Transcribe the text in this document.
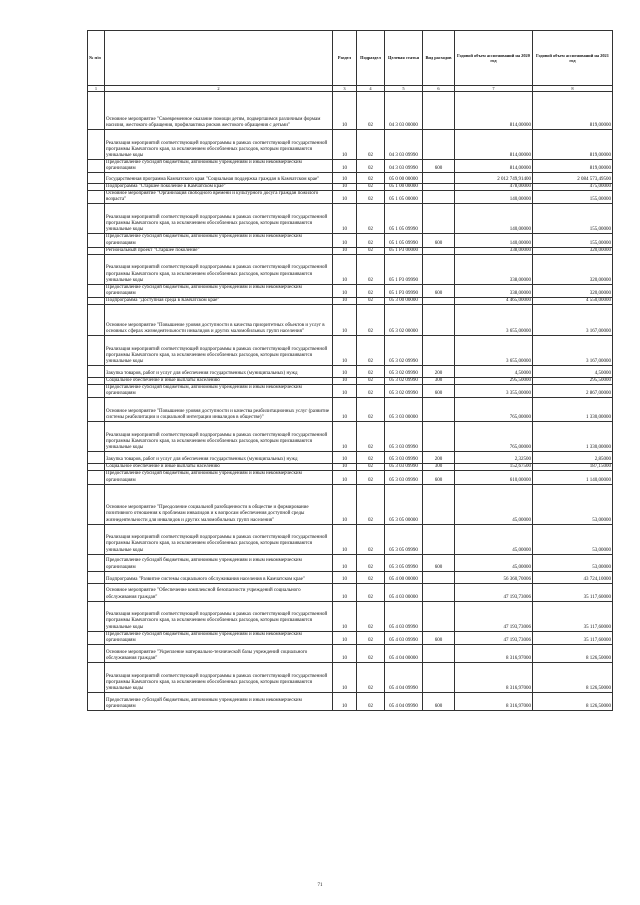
№ п/п		Раздел	Подраздел	Целевая статья	Вид расходов	Годовой объем ассигнований на 2020 год	Годовой объем ассигнований на 2021 год
1	2	3	4	5	6	7	8
	Основное мероприятие "Своевременное оказание помощи детям, подвергшимся различным формам насилия, жестокого обращения, профилактика рисков жестокого обращения с детьми"	10	02	04 3 03 00000		814,00000	819,00000
	Реализация мероприятий соответствующей подпрограммы в рамках соответствующей государственной программы Камчатского края, за исключением обособленных расходов, которым присваиваются уникальные коды	10	02	04 3 03 09990		814,00000	819,00000
	Предоставление субсидий бюджетным, автономным учреждениям и иным некоммерческим организациям	10	02	04 3 03 09990	600	814,00000	819,00000
	Государственная программа Камчатского края "Социальная поддержка граждан в Камчатском крае"	10	02	05 0 00 00000		2 012 749,91400	2 084 573,49500
	Подпрограмма "Старшее поколение в Камчатском крае"	10	02	05 1 00 00000		478,00000	475,00000
	Основное мероприятие "Организация свободного времени и культурного досуга граждан пожилого возраста"	10	02	05 1 05 00000		140,00000	155,00000
	Реализация мероприятий соответствующей подпрограммы в рамках соответствующей государственной программы Камчатского края, за исключением обособленных расходов, которым присваиваются уникальные коды	10	02	05 1 05 09990		140,00000	155,00000
	Предоставление субсидий бюджетным, автономным учреждениям и иным некоммерческим организациям	10	02	05 1 05 09990	600	140,00000	155,00000
	Региональный проект "Старшее поколение"	10	02	05 1 P3 00000		338,00000	320,00000
	Реализация мероприятий соответствующей подпрограммы в рамках соответствующей государственной программы Камчатского края, за исключением обособленных расходов, которым присваиваются уникальные коды	10	02	05 1 P3 09990		338,00000	320,00000
	Предоставление субсидий бюджетным, автономным учреждениям и иным некоммерческим организациям	10	02	05 1 P3 09990	600	338,00000	320,00000
	Подпрограмма "Доступная среда в Камчатском крае"	10	02	05 3 00 00000		4 465,00000	4 550,00000
	Основное мероприятие "Повышение уровня доступности в качества приоритетных объектов и услуг в основных сферах жизнедеятельности инвалидов и других маломобильных групп населения"	10	02	05 3 02 00000		3 655,00000	3 167,00000
	Реализация мероприятий соответствующей подпрограммы в рамках соответствующей государственной программы Камчатского края, за исключением обособленных расходов, которым присваиваются уникальные коды	10	02	05 3 02 09990		3 655,00000	3 167,00000
	Закупка товаров, работ и услуг для обеспечения государственных (муниципальных) нужд	10	02	05 3 02 09990	200	4,50000	4,50000
	Социальное обеспечение и иные выплаты населению	10	02	05 3 02 09990	300	295,50000	295,50000
	Предоставление субсидий бюджетным, автономным учреждениям и иным некоммерческим организациям	10	02	05 3 02 09990	600	3 355,00000	2 867,00000
	Основное мероприятие "Повышение уровня доступности и качества реабилитационных услуг (развитие системы реабилитации и социальной интеграции инвалидов в обществе)"	10	02	05 3 03 00000		765,00000	1 330,00000
	Реализация мероприятий соответствующей подпрограммы в рамках соответствующей государственной программы Камчатского края, за исключением обособленных расходов, которым присваиваются уникальные коды	10	02	05 3 03 09990		765,00000	1 330,00000
	Закупка товаров, работ и услуг для обеспечения государственных (муниципальных) нужд	10	02	05 3 03 09990	200	2,32500	2,85000
	Социальное обеспечение и иные выплаты населению	10	02	05 3 03 09990	300	152,67500	187,15000
	Предоставление субсидий бюджетным, автономным учреждениям и иным некоммерческим организациям	10	02	05 3 03 09990	600	610,00000	1 140,00000
	Основное мероприятие "Преодоление социальной разобщенности в обществе и формирование позитивного отношения к проблемам инвалидов и к вопросам обеспечения доступной среды жизнедеятельности для инвалидов и других маломобильных групп населения"	10	02	05 3 05 00000		45,00000	53,00000
	Реализация мероприятий соответствующей подпрограммы в рамках соответствующей государственной программы Камчатского края, за исключением обособленных расходов, которым присваиваются уникальные коды	10	02	05 3 05 09990		45,00000	53,00000
	Предоставление субсидий бюджетным, автономным учреждениям и иным некоммерческим организациям	10	02	05 3 05 09990	600	45,00000	53,00000
	Подпрограмма "Развитие системы социального обслуживания населения в Камчатском крае"	10	02	05 4 00 00000		56 360,70006	43 724,10000
	Основное мероприятие "Обеспечение комплексной безопасности учреждений социального обслуживания граждан"	10	02	05 4 03 00000		47 193,73006	35 117,60000
	Реализация мероприятий соответствующей подпрограммы в рамках соответствующей государственной программы Камчатского края, за исключением обособленных расходов, которым присваиваются уникальные коды	10	02	05 4 03 09990		47 193,73006	35 117,60000
	Предоставление субсидий бюджетным, автономным учреждениям и иным некоммерческим организациям	10	02	05 4 03 09990	600	47 193,73006	35 117,60000
	Основное мероприятие "Укрепление материально-технической базы учреждений социального обслуживания граждан"	10	02	05 4 04 00000		8 316,97000	8 126,50000
	Реализация мероприятий соответствующей подпрограммы в рамках соответствующей государственной программы Камчатского края, за исключением обособленных расходов, которым присваиваются уникальные коды	10	02	05 4 04 09990		8 316,97000	8 126,50000
	Предоставление субсидий бюджетным, автономным учреждениям и иным некоммерческим организациям	10	02	05 4 04 09990	600	8 316,97000	8 126,50000
71
